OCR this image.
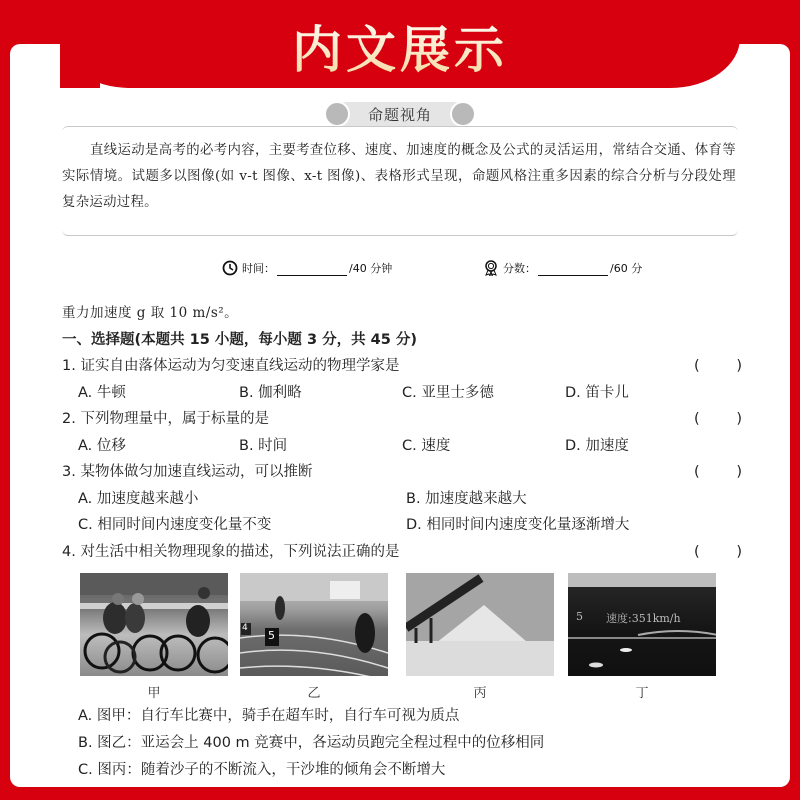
内文展示
命题视角
直线运动是高考的必考内容，主要考查位移、速度、加速度的概念及公式的灵活运用，常结合交通、体育等实际情境。试题多以图像(如 v-t 图像、x-t 图像)、表格形式呈现，命题风格注重多因素的综合分析与分段处理复杂运动过程。
时间：	/40 分钟	分数：	/60 分
重力加速度 g 取 10 m/s²。
一、选择题(本题共 15 小题，每小题 3 分，共 45 分)
1. 证实自由落体运动为匀变速直线运动的物理学家是	(	)
A. 牛顿	B. 伽利略	C. 亚里士多德	D. 笛卡儿
2. 下列物理量中，属于标量的是	(	)
A. 位移	B. 时间	C. 速度	D. 加速度
3. 某物体做匀加速直线运动，可以推断	(	)
A. 加速度越来越小	B. 加速度越来越大
C. 相同时间内速度变化量不变	D. 相同时间内速度变化量逐渐增大
4. 对生活中相关物理现象的描述，下列说法正确的是	(	)
甲
4
5
乙	丙
5 速度:351km/h
丁
A. 图甲：自行车比赛中，骑手在超车时，自行车可视为质点
B. 图乙：亚运会上 400 m 竞赛中，各运动员跑完全程过程中的位移相同
C. 图丙：随着沙子的不断流入，干沙堆的倾角会不断增大
